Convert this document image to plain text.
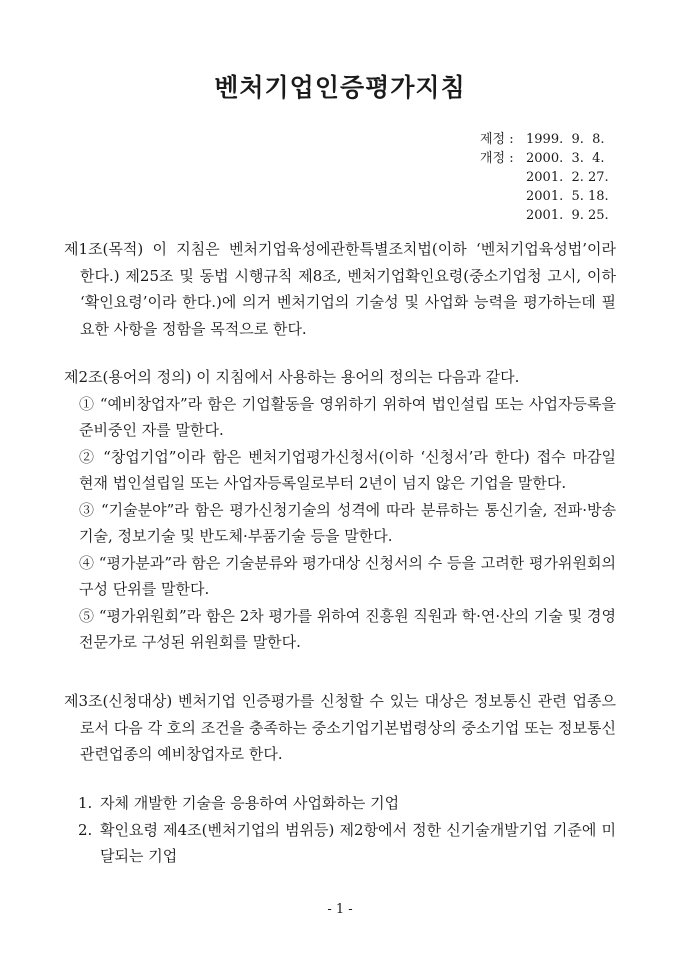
벤처기업인증평가지침
제정 : 1999.  9.  8.
개정 : 2000.  3.  4.
2001.  2. 27.
2001.  5. 18.
2001.  9. 25.

제1조(목적) 이 지침은 벤처기업육성에관한특별조치법(이하 ‘벤처기업육성법’이라 한다.) 제25조 및 동법 시행규칙 제8조, 벤처기업확인요령(중소기업청 고시, 이하 ‘확인요령’이라 한다.)에 의거 벤처기업의 기술성 및 사업화 능력을 평가하는데 필요한 사항을 정함을 목적으로 한다.

제2조(용어의 정의) 이 지침에서 사용하는 용어의 정의는 다음과 같다.

① “예비창업자”라 함은 기업활동을 영위하기 위하여 법인설립 또는 사업자등록을 준비중인 자를 말한다.

② “창업기업”이라 함은 벤처기업평가신청서(이하 ‘신청서’라 한다) 접수 마감일 현재 법인설립일 또는 사업자등록일로부터 2년이 넘지 않은 기업을 말한다.

③ “기술분야”라 함은 평가신청기술의 성격에 따라 분류하는 통신기술, 전파·방송기술, 정보기술 및 반도체·부품기술 등을 말한다.

④ “평가분과”라 함은 기술분류와 평가대상 신청서의 수 등을 고려한 평가위원회의 구성 단위를 말한다.

⑤ “평가위원회”라 함은 2차 평가를 위하여 진흥원 직원과 학·연·산의 기술 및 경영전문가로 구성된 위원회를 말한다.

제3조(신청대상) 벤처기업 인증평가를 신청할 수 있는 대상은 정보통신 관련 업종으로서 다음 각 호의 조건을 충족하는 중소기업기본법령상의 중소기업 또는 정보통신 관련업종의 예비창업자로 한다.

1. 자체 개발한 기술을 응용하여 사업화하는 기업
2. 확인요령 제4조(벤처기업의 범위등) 제2항에서 정한 신기술개발기업 기준에 미달되는 기업
- 1 -
